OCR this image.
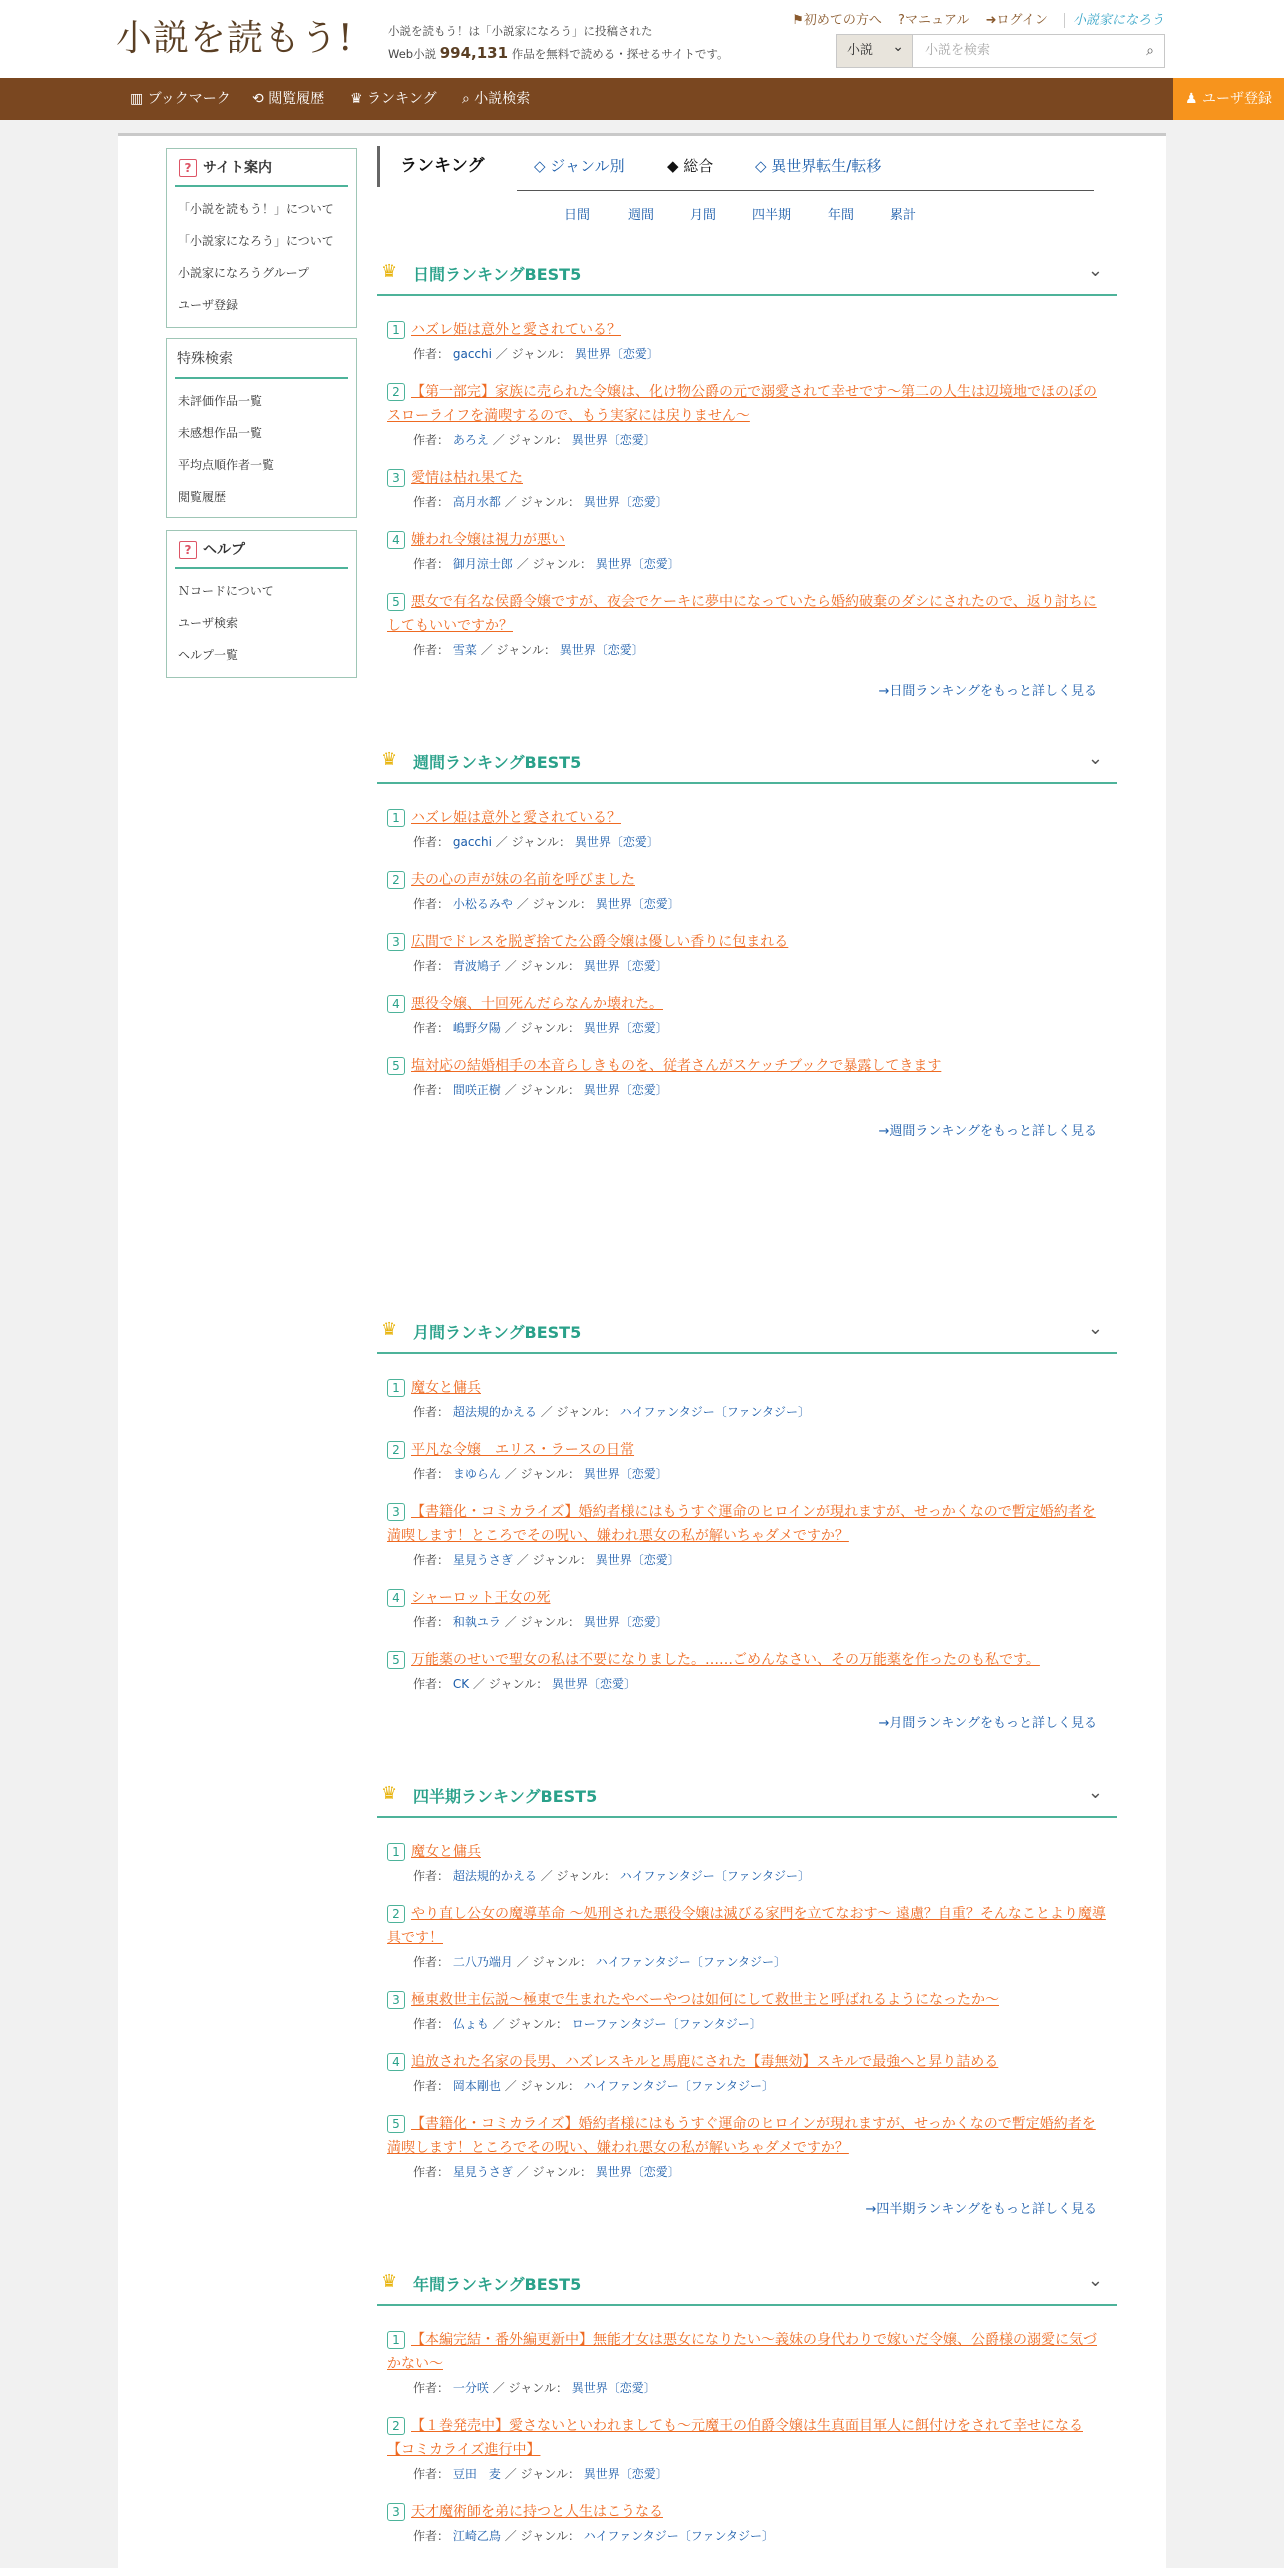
小説を読もう!	小説を読もう！は「小説家になろう」に投稿された
Web小説 994,131 作品を無料で読める・探せるサイトです。
⚑初めての方へ ?マニュアル ➜ログイン 小説家になろう
小説 ⌄	小説を検索	⌕
▥ ブックマーク ⟲ 閲覧履歴 ♛ ランキング ⌕ 小説検索	♟ ユーザ登録
? サイト案内
「小説を読もう！」について
「小説家になろう」について
小説家になろうグループ
ユーザ登録
特殊検索
未評価作品一覧
未感想作品一覧
平均点順作者一覧
閲覧履歴
? ヘルプ
Ｎコードについて
ユーザ検索
ヘルプ一覧
ランキング	◇ ジャンル別	◆ 総合	◇ 異世界転生/転移
日間	週間	月間	四半期	年間	累計
♛ 日間ランキングBEST5	⌄
1 ハズレ姫は意外と愛されている？
作者： gacchi ／ ジャンル： 異世界〔恋愛〕
2 【第一部完】家族に売られた令嬢は、化け物公爵の元で溺愛されて幸せです～第二の人生は辺境地でほのぼのスローライフを満喫するので、もう実家には戻りません～
作者： あろえ ／ ジャンル： 異世界〔恋愛〕
3 愛情は枯れ果てた
作者： 高月水都 ／ ジャンル： 異世界〔恋愛〕
4 嫌われ令嬢は視力が悪い
作者： 御月涼士郎 ／ ジャンル： 異世界〔恋愛〕
5 悪女で有名な侯爵令嬢ですが、夜会でケーキに夢中になっていたら婚約破棄のダシにされたので、返り討ちにしてもいいですか？
作者： 雪菜 ／ ジャンル： 異世界〔恋愛〕
→日間ランキングをもっと詳しく見る
♛ 週間ランキングBEST5	⌄
1 ハズレ姫は意外と愛されている？
作者： gacchi ／ ジャンル： 異世界〔恋愛〕
2 夫の心の声が妹の名前を呼びました
作者： 小松るみや ／ ジャンル： 異世界〔恋愛〕
3 広間でドレスを脱ぎ捨てた公爵令嬢は優しい香りに包まれる
作者： 青波鳩子 ／ ジャンル： 異世界〔恋愛〕
4 悪役令嬢、十回死んだらなんか壊れた。
作者： 嶋野夕陽 ／ ジャンル： 異世界〔恋愛〕
5 塩対応の結婚相手の本音らしきものを、従者さんがスケッチブックで暴露してきます
作者： 間咲正樹 ／ ジャンル： 異世界〔恋愛〕
→週間ランキングをもっと詳しく見る
♛ 月間ランキングBEST5	⌄
1 魔女と傭兵
作者： 超法規的かえる ／ ジャンル： ハイファンタジー〔ファンタジー〕
2 平凡な令嬢　エリス・ラースの日常
作者： まゆらん ／ ジャンル： 異世界〔恋愛〕
3 【書籍化・コミカライズ】婚約者様にはもうすぐ運命のヒロインが現れますが、せっかくなので暫定婚約者を満喫します！ところでその呪い、嫌われ悪女の私が解いちゃダメですか？
作者： 星見うさぎ ／ ジャンル： 異世界〔恋愛〕
4 シャーロット王女の死
作者： 和執ユラ ／ ジャンル： 異世界〔恋愛〕
5 万能薬のせいで聖女の私は不要になりました。……ごめんなさい、その万能薬を作ったのも私です。
作者： CK ／ ジャンル： 異世界〔恋愛〕
→月間ランキングをもっと詳しく見る
♛ 四半期ランキングBEST5	⌄
1 魔女と傭兵
作者： 超法規的かえる ／ ジャンル： ハイファンタジー〔ファンタジー〕
2 やり直し公女の魔導革命 〜処刑された悪役令嬢は滅びる家門を立てなおす〜 遠慮？自重？そんなことより魔導具です！
作者： 二八乃端月 ／ ジャンル： ハイファンタジー〔ファンタジー〕
3 極東救世主伝説～極東で生まれたやべーやつは如何にして救世主と呼ばれるようになったか～
作者： 仏ょも ／ ジャンル： ローファンタジー〔ファンタジー〕
4 追放された名家の長男、ハズレスキルと馬鹿にされた【毒無効】スキルで最強へと昇り詰める
作者： 岡本剛也 ／ ジャンル： ハイファンタジー〔ファンタジー〕
5 【書籍化・コミカライズ】婚約者様にはもうすぐ運命のヒロインが現れますが、せっかくなので暫定婚約者を満喫します！ところでその呪い、嫌われ悪女の私が解いちゃダメですか？
作者： 星見うさぎ ／ ジャンル： 異世界〔恋愛〕
→四半期ランキングをもっと詳しく見る
♛ 年間ランキングBEST5	⌄
1 【本編完結・番外編更新中】無能才女は悪女になりたい～義妹の身代わりで嫁いだ令嬢、公爵様の溺愛に気づかない～
作者： 一分咲 ／ ジャンル： 異世界〔恋愛〕
2 【１巻発売中】愛さないといわれましても～元魔王の伯爵令嬢は生真面目軍人に餌付けをされて幸せになる【コミカライズ進行中】
作者： 豆田　麦 ／ ジャンル： 異世界〔恋愛〕
3 天才魔術師を弟に持つと人生はこうなる
作者： 江崎乙鳥 ／ ジャンル： ハイファンタジー〔ファンタジー〕
